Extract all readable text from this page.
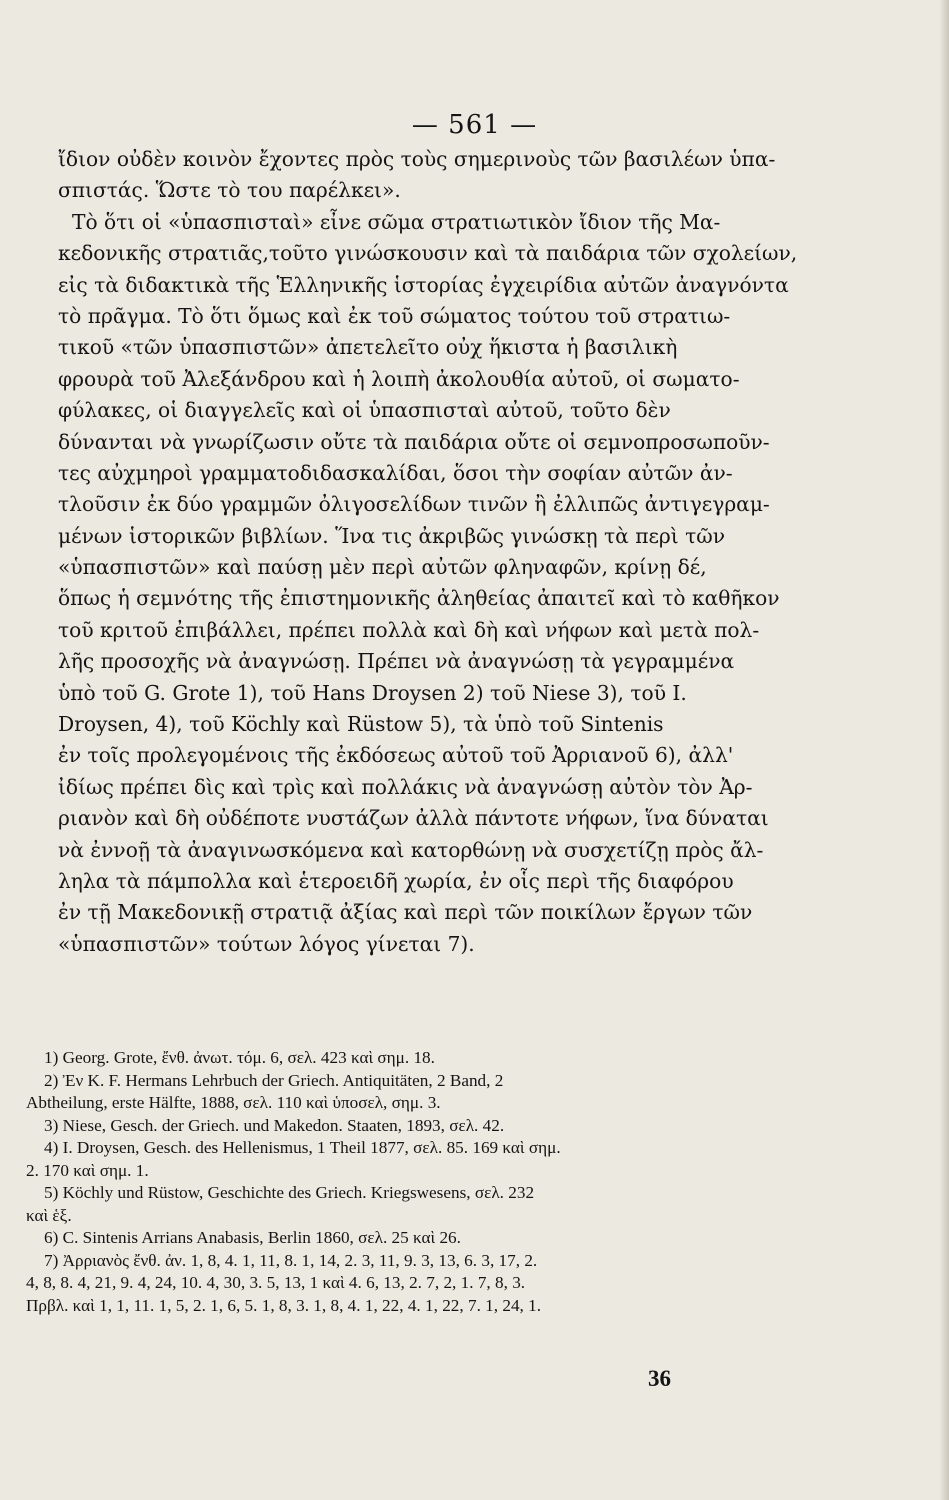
— 561 —
ἴδιον οὐδὲν κοινὸν ἔχοντες πρὸς τοὺς σημερινοὺς τῶν βασιλέων ὑπα-
σπιστάς. Ὥστε τὸ του παρέλκει».
Τὸ ὅτι οἱ «ὑπασπισταὶ» εἶνε σῶμα στρατιωτικὸν ἴδιον τῆς Μα-
κεδονικῆς στρατιᾶς,τοῦτο γινώσκουσιν καὶ τὰ παιδάρια τῶν σχολείων,
εἰς τὰ διδακτικὰ τῆς Ἑλληνικῆς ἱστορίας ἐγχειρίδια αὐτῶν ἀναγνόντα
τὸ πρᾶγμα. Τὸ ὅτι ὅμως καὶ ἐκ τοῦ σώματος τούτου τοῦ στρατιω-
τικοῦ «τῶν ὑπασπιστῶν» ἀπετελεῖτο οὐχ ἥκιστα ἡ βασιλικὴ
φρουρὰ τοῦ Ἀλεξάνδρου καὶ ἡ λοιπὴ ἀκολουθία αὐτοῦ, οἱ σωματο-
φύλακες, οἱ διαγγελεῖς καὶ οἱ ὑπασπισταὶ αὐτοῦ, τοῦτο δὲν
δύνανται νὰ γνωρίζωσιν οὔτε τὰ παιδάρια οὔτε οἱ σεμνοπροσωποῦν-
τες αὐχμηροὶ γραμματοδιδασκαλίδαι, ὅσοι τὴν σοφίαν αὐτῶν ἀν-
τλοῦσιν ἐκ δύο γραμμῶν ὀλιγοσελίδων τινῶν ἢ ἐλλιπῶς ἀντιγεγραμ-
μένων ἱστορικῶν βιβλίων. Ἵνα τις ἀκριβῶς γινώσκῃ τὰ περὶ τῶν
«ὑπασπιστῶν» καὶ παύσῃ μὲν περὶ αὐτῶν φληναφῶν, κρίνῃ δέ,
ὅπως ἡ σεμνότης τῆς ἐπιστημονικῆς ἀληθείας ἀπαιτεῖ καὶ τὸ καθῆκον
τοῦ κριτοῦ ἐπιβάλλει, πρέπει πολλὰ καὶ δὴ καὶ νήφων καὶ μετὰ πολ-
λῆς προσοχῆς νὰ ἀναγνώσῃ. Πρέπει νὰ ἀναγνώσῃ τὰ γεγραμμένα
ὑπὸ τοῦ G. Grote 1), τοῦ Hans Droysen 2) τοῦ Niese 3), τοῦ I.
Droysen, 4), τοῦ Köchly καὶ Rüstow 5), τὰ ὑπὸ τοῦ Sintenis
ἐν τοῖς προλεγομένοις τῆς ἐκδόσεως αὐτοῦ τοῦ Ἀρριανοῦ 6), ἀλλ'
ἰδίως πρέπει δὶς καὶ τρὶς καὶ πολλάκις νὰ ἀναγνώσῃ αὐτὸν τὸν Ἀρ-
ριανὸν καὶ δὴ οὐδέποτε νυστάζων ἀλλὰ πάντοτε νήφων, ἵνα δύναται
νὰ ἐννοῇ τὰ ἀναγινωσκόμενα καὶ κατορθώνῃ νὰ συσχετίζῃ πρὸς ἄλ-
ληλα τὰ πάμπολλα καὶ ἑτεροειδῆ χωρία, ἐν οἷς περὶ τῆς διαφόρου
ἐν τῇ Μακεδονικῇ στρατιᾷ ἀξίας καὶ περὶ τῶν ποικίλων ἔργων τῶν
«ὑπασπιστῶν» τούτων λόγος γίνεται 7).
1) Georg. Grote, ἔνθ. ἀνωτ. τόμ. 6, σελ. 423 καὶ σημ. 18.
2) Ἐν K. F. Hermans Lehrbuch der Griech. Antiquitäten, 2 Band, 2
Abtheilung, erste Hälfte, 1888, σελ. 110 καὶ ὑποσελ, σημ. 3.
3) Niese, Gesch. der Griech. und Makedon. Staaten, 1893, σελ. 42.
4) I. Droysen, Gesch. des Hellenismus, 1 Theil 1877, σελ. 85. 169 καὶ σημ.
2. 170 καὶ σημ. 1.
5) Köchly und Rüstow, Geschichte des Griech. Kriegswesens, σελ. 232
καὶ ἑξ.
6) C. Sintenis Arrians Anabasis, Berlin 1860, σελ. 25 καὶ 26.
7) Ἀρριανὸς ἔνθ. ἀν. 1, 8, 4. 1, 11, 8. 1, 14, 2. 3, 11, 9. 3, 13, 6. 3, 17, 2.
4, 8, 8. 4, 21, 9. 4, 24, 10. 4, 30, 3. 5, 13, 1 καὶ 4. 6, 13, 2. 7, 2, 1. 7, 8, 3.
Πρβλ. καὶ 1, 1, 11. 1, 5, 2. 1, 6, 5. 1, 8, 3. 1, 8, 4. 1, 22, 4. 1, 22, 7. 1, 24, 1.
36
